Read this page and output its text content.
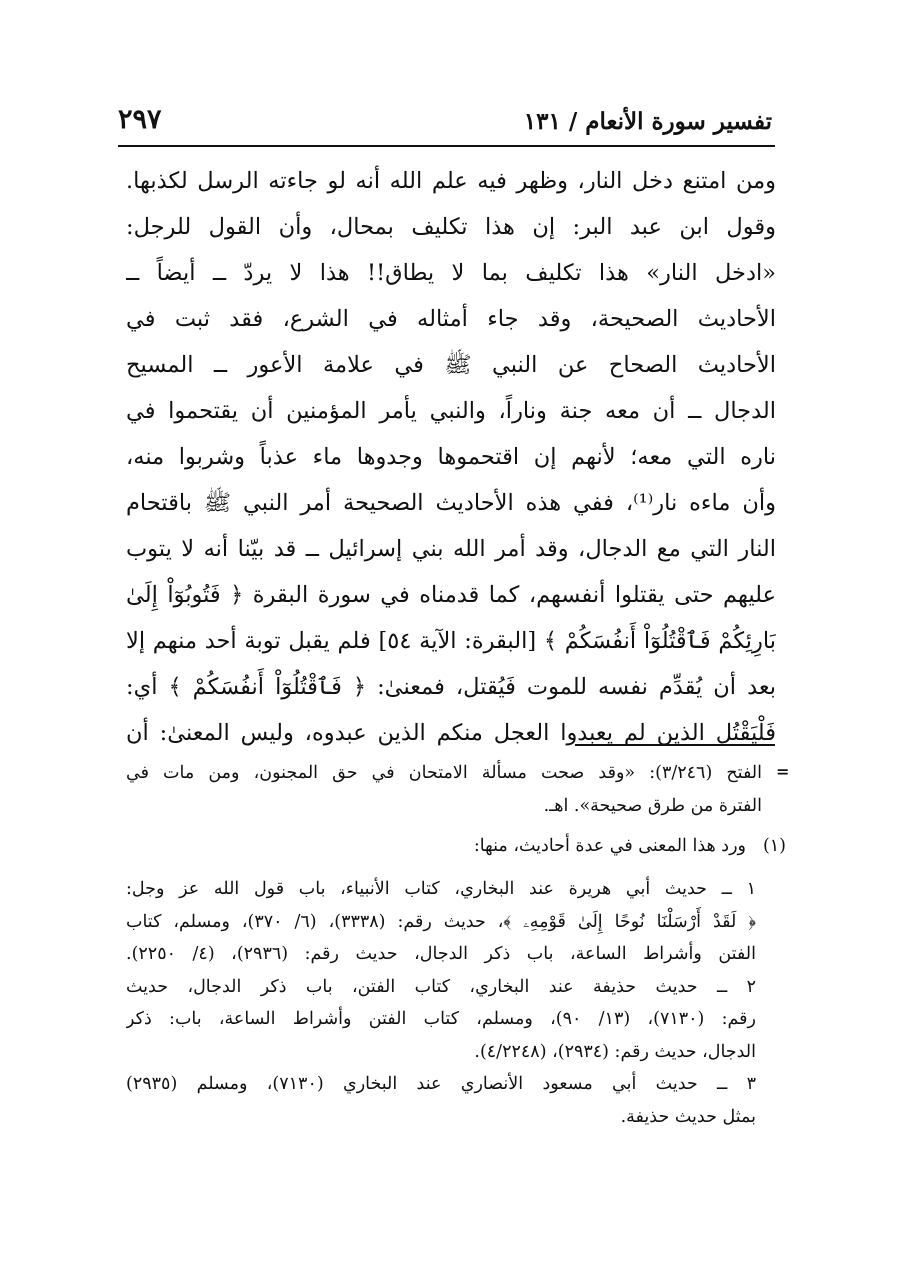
تفسير سورة الأنعام / ١٣١
٢٩٧
ومن امتنع دخل النار، وظهر فيه علم الله أنه لو جاءته الرسل لكذبها.
وقول ابن عبد البر: إن هذا تكليف بمحال، وأن القول للرجل:
«ادخل النار» هذا تكليف بما لا يطاق!! هذا لا يردّ ــ أيضاً ــ
الأحاديث الصحيحة، وقد جاء أمثاله في الشرع، فقد ثبت في
الأحاديث الصحاح عن النبي ﷺ في علامة الأعور ــ المسيح
الدجال ــ أن معه جنة وناراً، والنبي يأمر المؤمنين أن يقتحموا في
ناره التي معه؛ لأنهم إن اقتحموها وجدوها ماء عذباً وشربوا منه،
وأن ماءه نار⁽¹⁾، ففي هذه الأحاديث الصحيحة أمر النبي ﷺ باقتحام
النار التي مع الدجال، وقد أمر الله بني إسرائيل ــ قد بيّنا أنه لا يتوب
عليهم حتى يقتلوا أنفسهم، كما قدمناه في سورة البقرة ﴿ فَتُوبُوٓاْ إِلَىٰ
بَارِئِكُمْ فَٱقْتُلُوٓاْ أَنفُسَكُمْ ﴾ [البقرة: الآية ٥٤] فلم يقبل توبة أحد منهم إلا
بعد أن يُقدِّم نفسه للموت فَيُقتل، فمعنىٰ: ﴿ فَٱقْتُلُوٓاْ أَنفُسَكُمْ ﴾ أي:
فَلْيَقْتُل الذين لم يعبدوا العجل منكم الذين عبدوه، وليس المعنىٰ: أن
=
الفتح (٣/٢٤٦): «وقد صحت مسألة الامتحان في حق المجنون، ومن مات في
الفترة من طرق صحيحة». اهـ.
(١)
ورد هذا المعنى في عدة أحاديث، منها:
١ ــ حديث أبي هريرة عند البخاري، كتاب الأنبياء، باب قول الله عز وجل:
﴿ لَقَدْ أَرْسَلْنَا نُوحًا إِلَىٰ قَوْمِهِۦ ﴾، حديث رقم: (٣٣٣٨)، (٦/ ٣٧٠)، ومسلم، كتاب
الفتن وأشراط الساعة، باب ذكر الدجال، حديث رقم: (٢٩٣٦)، (٤/ ٢٢٥٠).
٢ ــ حديث حذيفة عند البخاري، كتاب الفتن، باب ذكر الدجال، حديث
رقم: (٧١٣٠)، (١٣/ ٩٠)، ومسلم، كتاب الفتن وأشراط الساعة، باب: ذكر
الدجال، حديث رقم: (٢٩٣٤)، (٤/٢٢٤٨).
٣ ــ حديث أبي مسعود الأنصاري عند البخاري (٧١٣٠)، ومسلم (٢٩٣٥)
بمثل حديث حذيفة.
